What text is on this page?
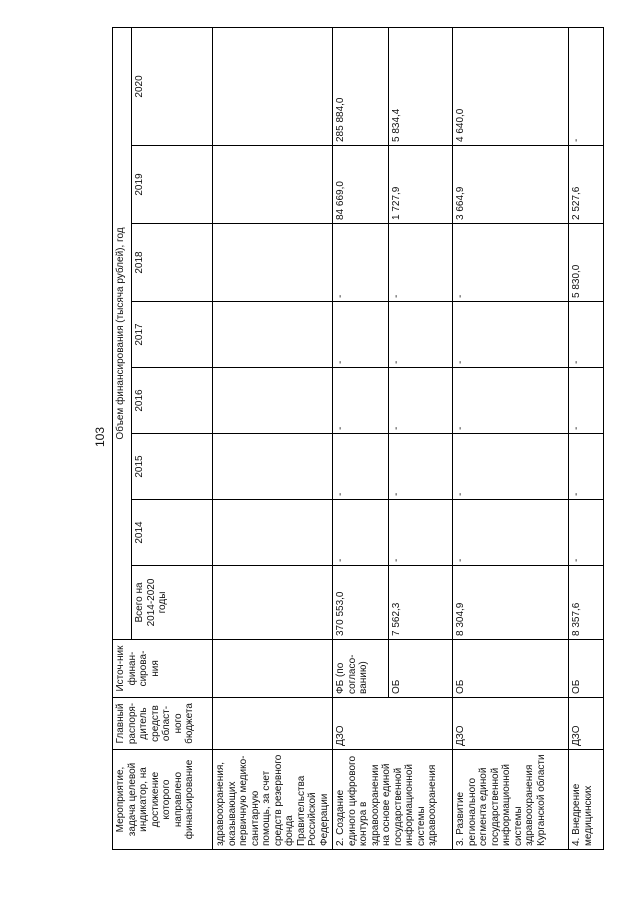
103
Мероприятие, задача целевой индикатор, на достижение которого направлено финансирование	Главный распоря-дитель средств област-ного бюджета	Источ-ник финан-сирова-ния	Объем финансирования (тысяча рублей), год							
			Всего на 2014-2020 годы	2014	2015	2016	2017	2018	2019	2020
здравоохранения, оказывающих первичную медико-санитарную помощь, за счет средств резервного фонда Правительства Российской Федерации										
2. Создание единого цифрового контура в здравоохранении на основе единой государственной информационной системы здравоохранения	ДЗО	ФБ (по согласо-ванию)	370 553,0	-	-	-	-	-	84 669,0	285 884,0
		ОБ	7 562,3	-	-	-	-	-	1 727,9	5 834,4
3. Развитие регионального сегмента единой государственной информационной системы здравоохранения Курганской области	ДЗО	ОБ	8 304,9	-	-	-	-	-	3 664,9	4 640,0
4. Внедрение медицинских	ДЗО	ОБ	8 357,6	-	-	-	-	5 830,0	2 527,6	-
